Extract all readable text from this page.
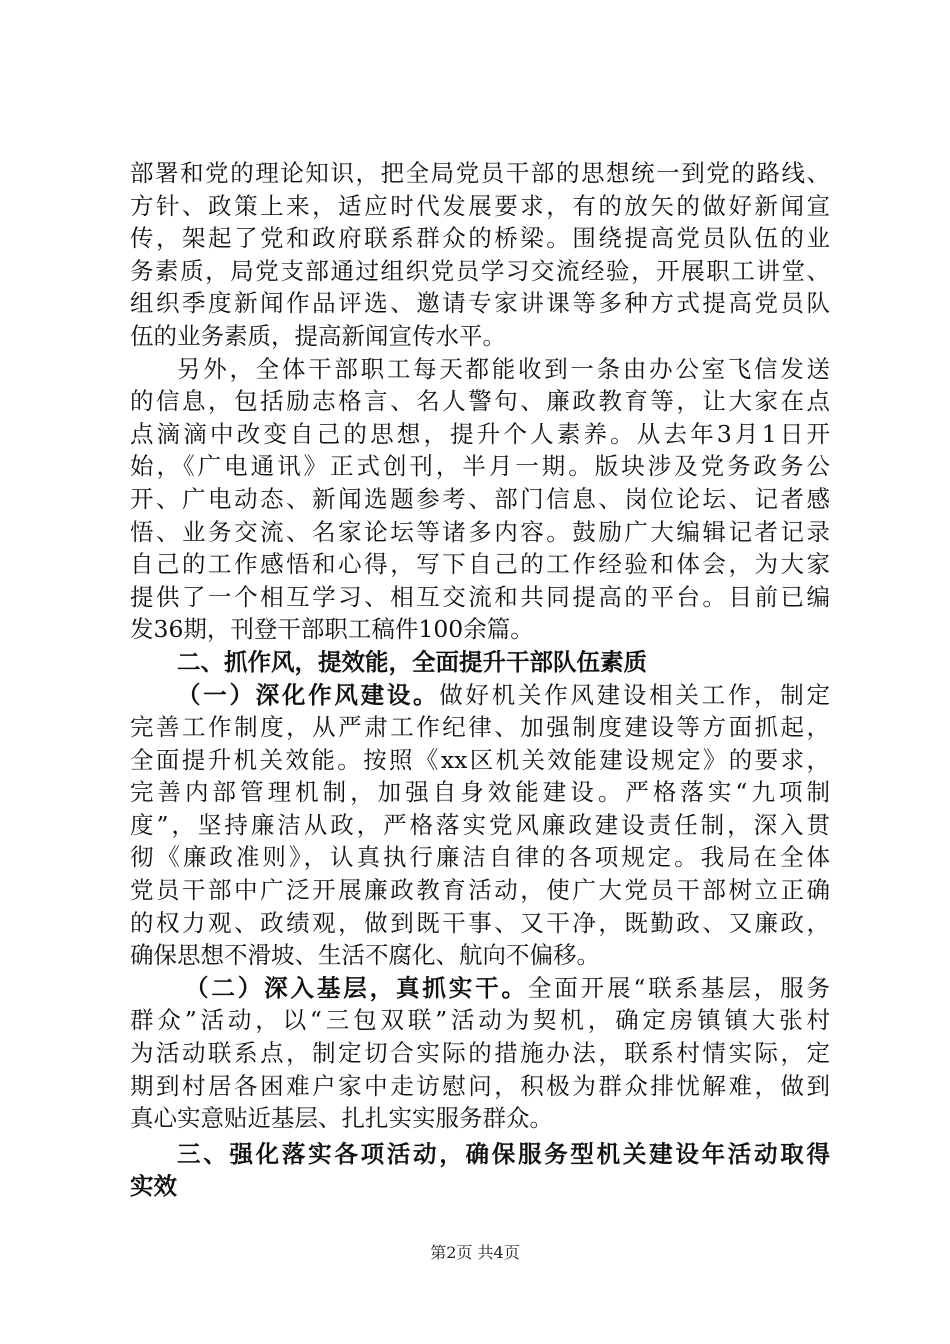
部署和党的理论知识，把全局党员干部的思想统一到党的路线、
方针、政策上来，适应时代发展要求，有的放矢的做好新闻宣
传，架起了党和政府联系群众的桥梁。围绕提高党员队伍的业
务素质，局党支部通过组织党员学习交流经验，开展职工讲堂、
组织季度新闻作品评选、邀请专家讲课等多种方式提高党员队
伍的业务素质，提高新闻宣传水平。
另外，全体干部职工每天都能收到一条由办公室飞信发送
的信息，包括励志格言、名人警句、廉政教育等，让大家在点
点滴滴中改变自己的思想，提升个人素养。从去年3月1日开
始，《广电通讯》正式创刊，半月一期。版块涉及党务政务公
开、广电动态、新闻选题参考、部门信息、岗位论坛、记者感
悟、业务交流、名家论坛等诸多内容。鼓励广大编辑记者记录
自己的工作感悟和心得，写下自己的工作经验和体会，为大家
提供了一个相互学习、相互交流和共同提高的平台。目前已编
发36期，刊登干部职工稿件100余篇。
二、抓作风，提效能，全面提升干部队伍素质
（一）深化作风建设。做好机关作风建设相关工作，制定
完善工作制度，从严肃工作纪律、加强制度建设等方面抓起，
全面提升机关效能。按照《xx区机关效能建设规定》的要求，
完善内部管理机制，加强自身效能建设。严格落实“九项制
度”，坚持廉洁从政，严格落实党风廉政建设责任制，深入贯
彻《廉政准则》，认真执行廉洁自律的各项规定。我局在全体
党员干部中广泛开展廉政教育活动，使广大党员干部树立正确
的权力观、政绩观，做到既干事、又干净，既勤政、又廉政，
确保思想不滑坡、生活不腐化、航向不偏移。
（二）深入基层，真抓实干。全面开展“联系基层，服务
群众”活动，以“三包双联”活动为契机，确定房镇镇大张村
为活动联系点，制定切合实际的措施办法，联系村情实际，定
期到村居各困难户家中走访慰问，积极为群众排忧解难，做到
真心实意贴近基层、扎扎实实服务群众。
三、强化落实各项活动，确保服务型机关建设年活动取得
实效
第2页 共4页
